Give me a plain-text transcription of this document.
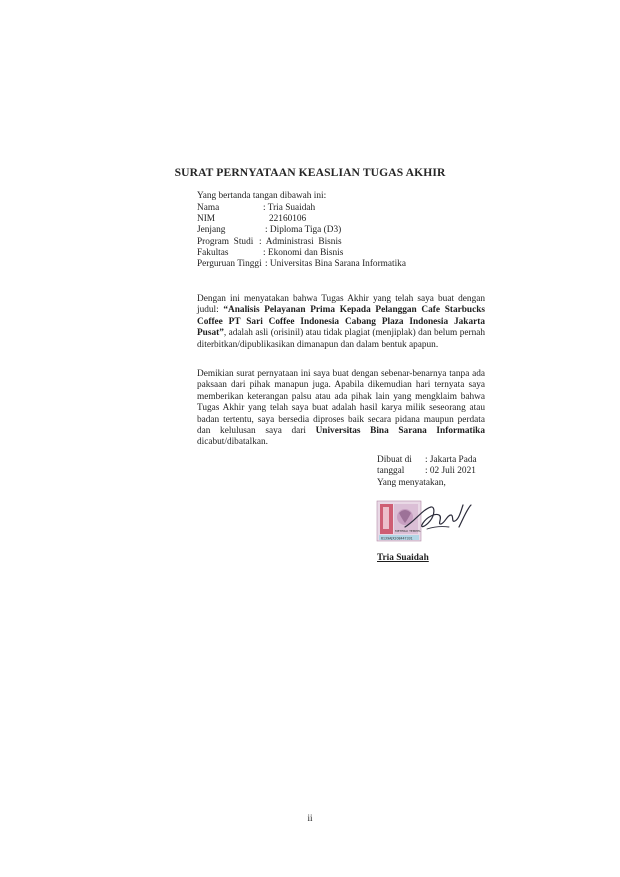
SURAT PERNYATAAN KEASLIAN TUGAS AKHIR
Yang bertanda tangan dibawah ini:
Nama	: Tria Suaidah
NIM	22160106
Jenjang	: Diploma Tiga (D3)
Program  Studi :  Administrasi  Bisnis
Fakultas	: Ekonomi dan Bisnis
Perguruan Tinggi : Universitas Bina Sarana Informatika
Dengan ini menyatakan bahwa Tugas Akhir yang telah saya buat dengan judul: “Analisis Pelayanan Prima Kepada Pelanggan Cafe Starbucks Coffee PT Sari Coffee Indonesia Cabang Plaza Indonesia Jakarta Pusat”, adalah asli (orisinil) atau tidak plagiat (menjiplak) dan belum pernah diterbitkan/dipublikasikan dimanapun dan dalam bentuk apapun.
Demikian surat pernyataan ini saya buat dengan sebenar-benarnya tanpa ada paksaan dari pihak manapun juga. Apabila dikemudian hari ternyata saya memberikan keterangan palsu atau ada pihak lain yang mengklaim bahwa Tugas Akhir yang telah saya buat adalah hasil karya milik seseorang atau badan tertentu, saya bersedia diproses baik secara pidana maupun perdata dan kelulusan saya dari Universitas Bina Sarana Informatika dicabut/dibatalkan.
Dibuat di : Jakarta Pada
tanggal : 02 Juli 2021
Yang menyatakan,
6139AJX208447331
METERAI TEMPEL
Tria Suaidah
ii
